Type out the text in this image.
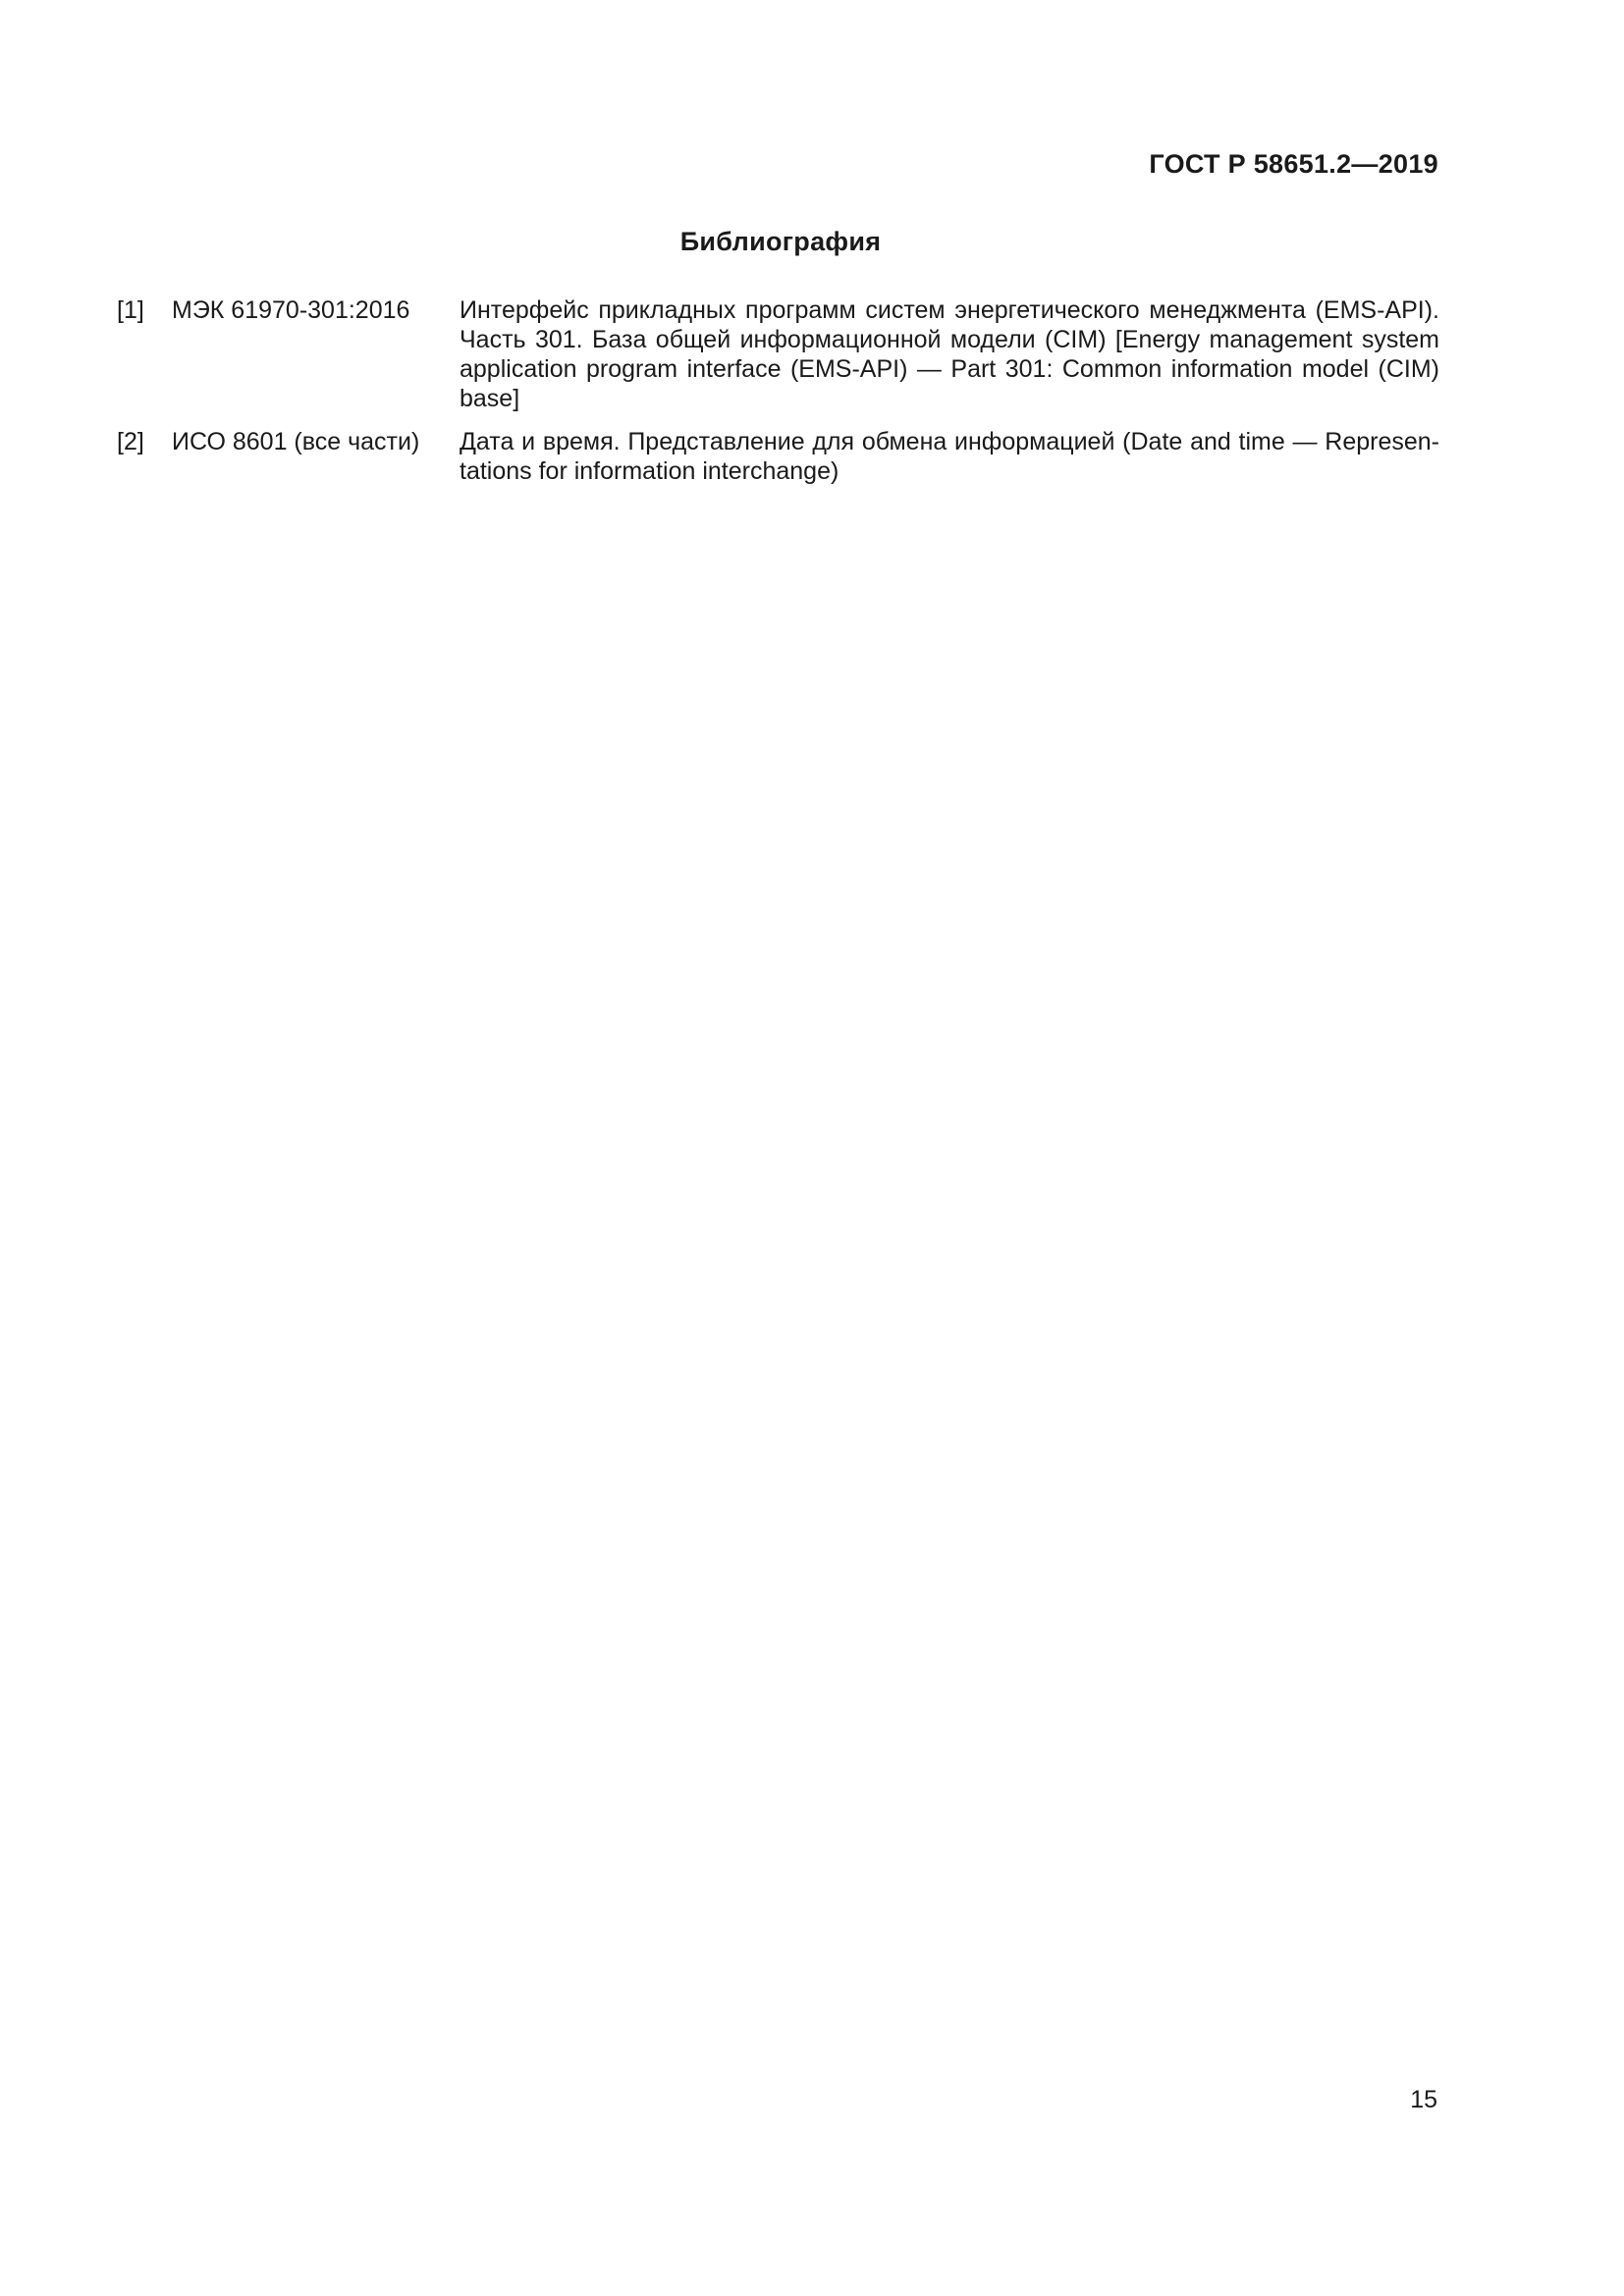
ГОСТ Р 58651.2—2019
Библиография
[1] МЭК 61970-301:2016 Интерфейс прикладных программ систем энергетического менеджмента (EMS-API). Часть 301. База общей информационной модели (CIM) [Energy management system application program interface (EMS-API) — Part 301: Common information model (CIM) base]
[2] ИСО 8601 (все части) Дата и время. Представление для обмена информацией (Date and time — Representations for information interchange)
15
